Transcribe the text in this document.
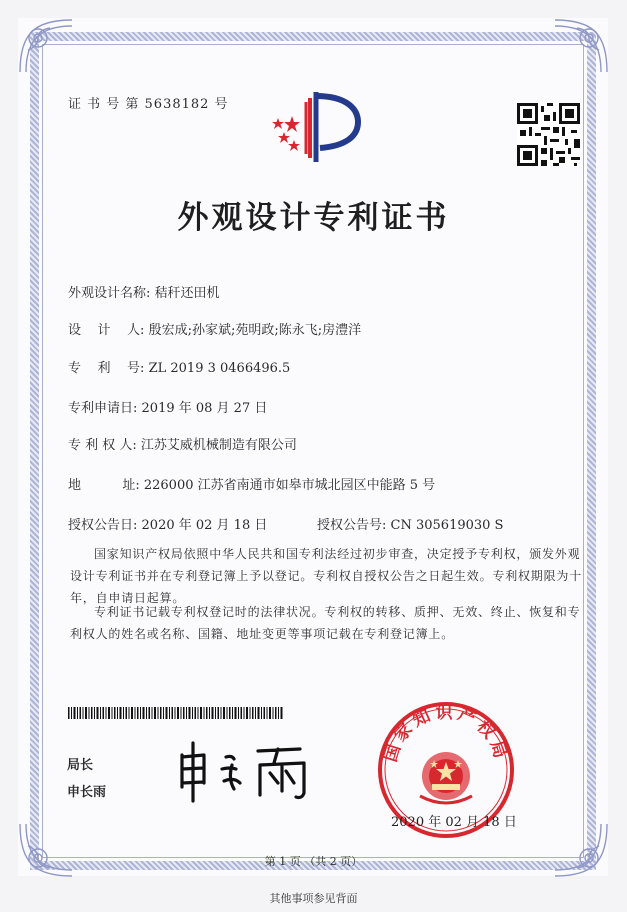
证 书 号 第 5638182 号
外观设计专利证书
外观设计名称: 秸秆还田机
设    计    人: 殷宏成;孙家斌;苑明政;陈永飞;房澧洋
专    利    号: ZL 2019 3 0466496.5
专利申请日: 2019 年 08 月 27 日
专 利 权 人: 江苏艾威机械制造有限公司
地          址: 226000 江苏省南通市如皋市城北园区中能路 5 号
授权公告日: 2020 年 02 月 18 日	授权公告号: CN 305619030 S
国家知识产权局依照中华人民共和国专利法经过初步审查，决定授予专利权，颁发外观设计专利证书并在专利登记簿上予以登记。专利权自授权公告之日起生效。专利权期限为十年，自申请日起算。
专利证书记载专利权登记时的法律状况。专利权的转移、质押、无效、终止、恢复和专利权人的姓名或名称、国籍、地址变更等事项记载在专利登记簿上。
局长
申长雨
国家知识产权局
2020 年 02 月 18 日
第 1 页 （共 2 页）
其他事项参见背面
